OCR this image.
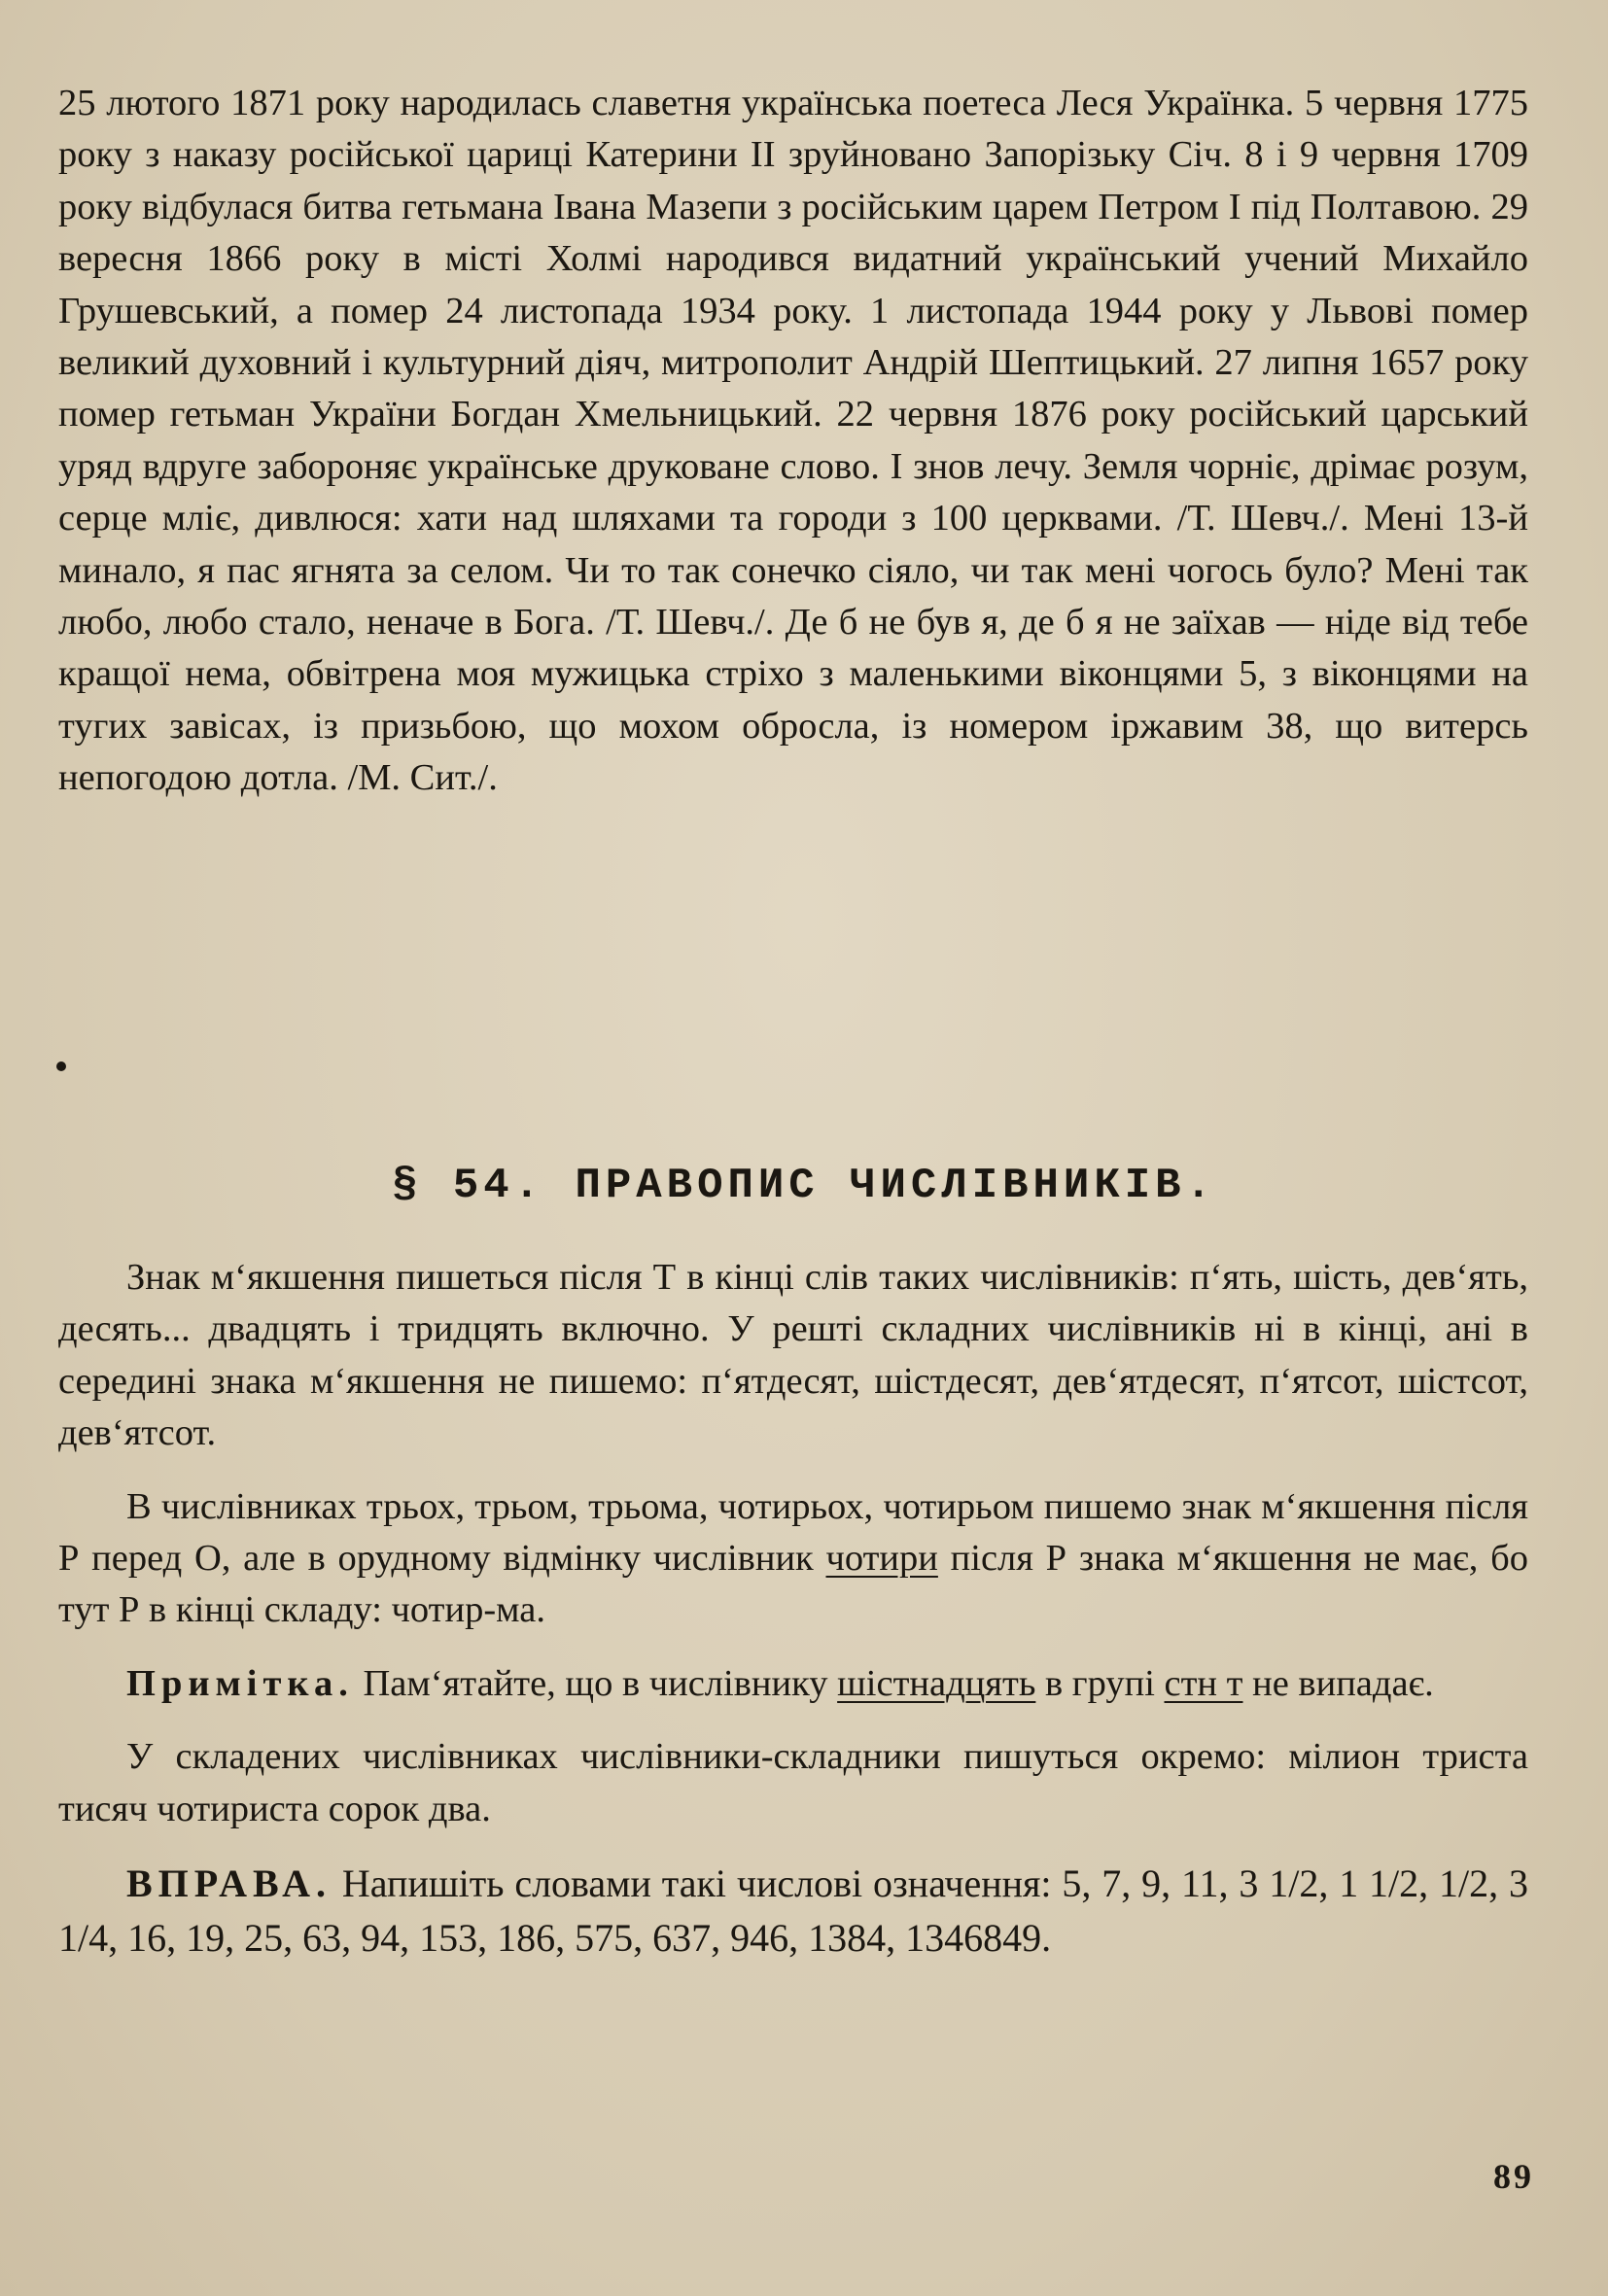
25 лютого 1871 року народилась славетня українська поетеса Леся Українка. 5 червня 1775 року з наказу російської цариці Катерини II зруйновано Запорізьку Січ. 8 і 9 червня 1709 року відбулася битва гетьмана Івана Мазепи з російським царем Петром I під Полтавою. 29 вересня 1866 року в місті Холмі народився видатний український учений Михайло Грушевський, а помер 24 листопада 1934 року. 1 листопада 1944 року у Львові помер великий духовний і культурний діяч, митрополит Андрій Шептицький. 27 липня 1657 року помер гетьман України Богдан Хмельницький. 22 червня 1876 року російський царський уряд вдруге забороняє українське друковане слово. І знов лечу. Земля чорніє, дрімає розум, серце мліє, дивлюся: хати над шляхами та городи з 100 церквами. /Т. Шевч./. Мені 13-й минало, я пас ягнята за селом. Чи то так сонечко сіяло, чи так мені чогось було? Мені так любо, любо стало, неначе в Бога. /Т. Шевч./. Де б не був я, де б я не заїхав — ніде від тебе кращої нема, обвітрена моя мужицька стріхо з маленькими віконцями 5, з віконцями на тугих завісах, із призьбою, що мохом обросла, із номером іржавим 38, що витерсь непогодою дотла. /М. Сит./.

§ 54. ПРАВОПИС ЧИСЛІВНИКІВ.

Знак м‘якшення пишеться після Т в кінці слів таких числівників: п‘ять, шість, дев‘ять, десять... двадцять і тридцять включно. У решті складних числівників ні в кінці, ані в середині знака м‘якшення не пишемо: п‘ятдесят, шістдесят, дев‘ятдесят, п‘ятсот, шістсот, дев‘ятсот.

В числівниках трьох, трьом, трьома, чотирьох, чотирьом пишемо знак м‘якшення після Р перед О, але в орудному відмінку числівник чотири після Р знака м‘якшення не має, бо тут Р в кінці складу: чотир-ма.

Примітка. Пам‘ятайте, що в числівнику шістнадцять в групі стн т не випадає.

У складених числівниках числівники-складники пишуться окремо: мілион триста тисяч чотириста сорок два.

ВПРАВА. Напишіть словами такі числові означення: 5, 7, 9, 11, 3 1/2, 1 1/2, 1/2, 3 1/4, 16, 19, 25, 63, 94, 153, 186, 575, 637, 946, 1384, 1346849.

89
